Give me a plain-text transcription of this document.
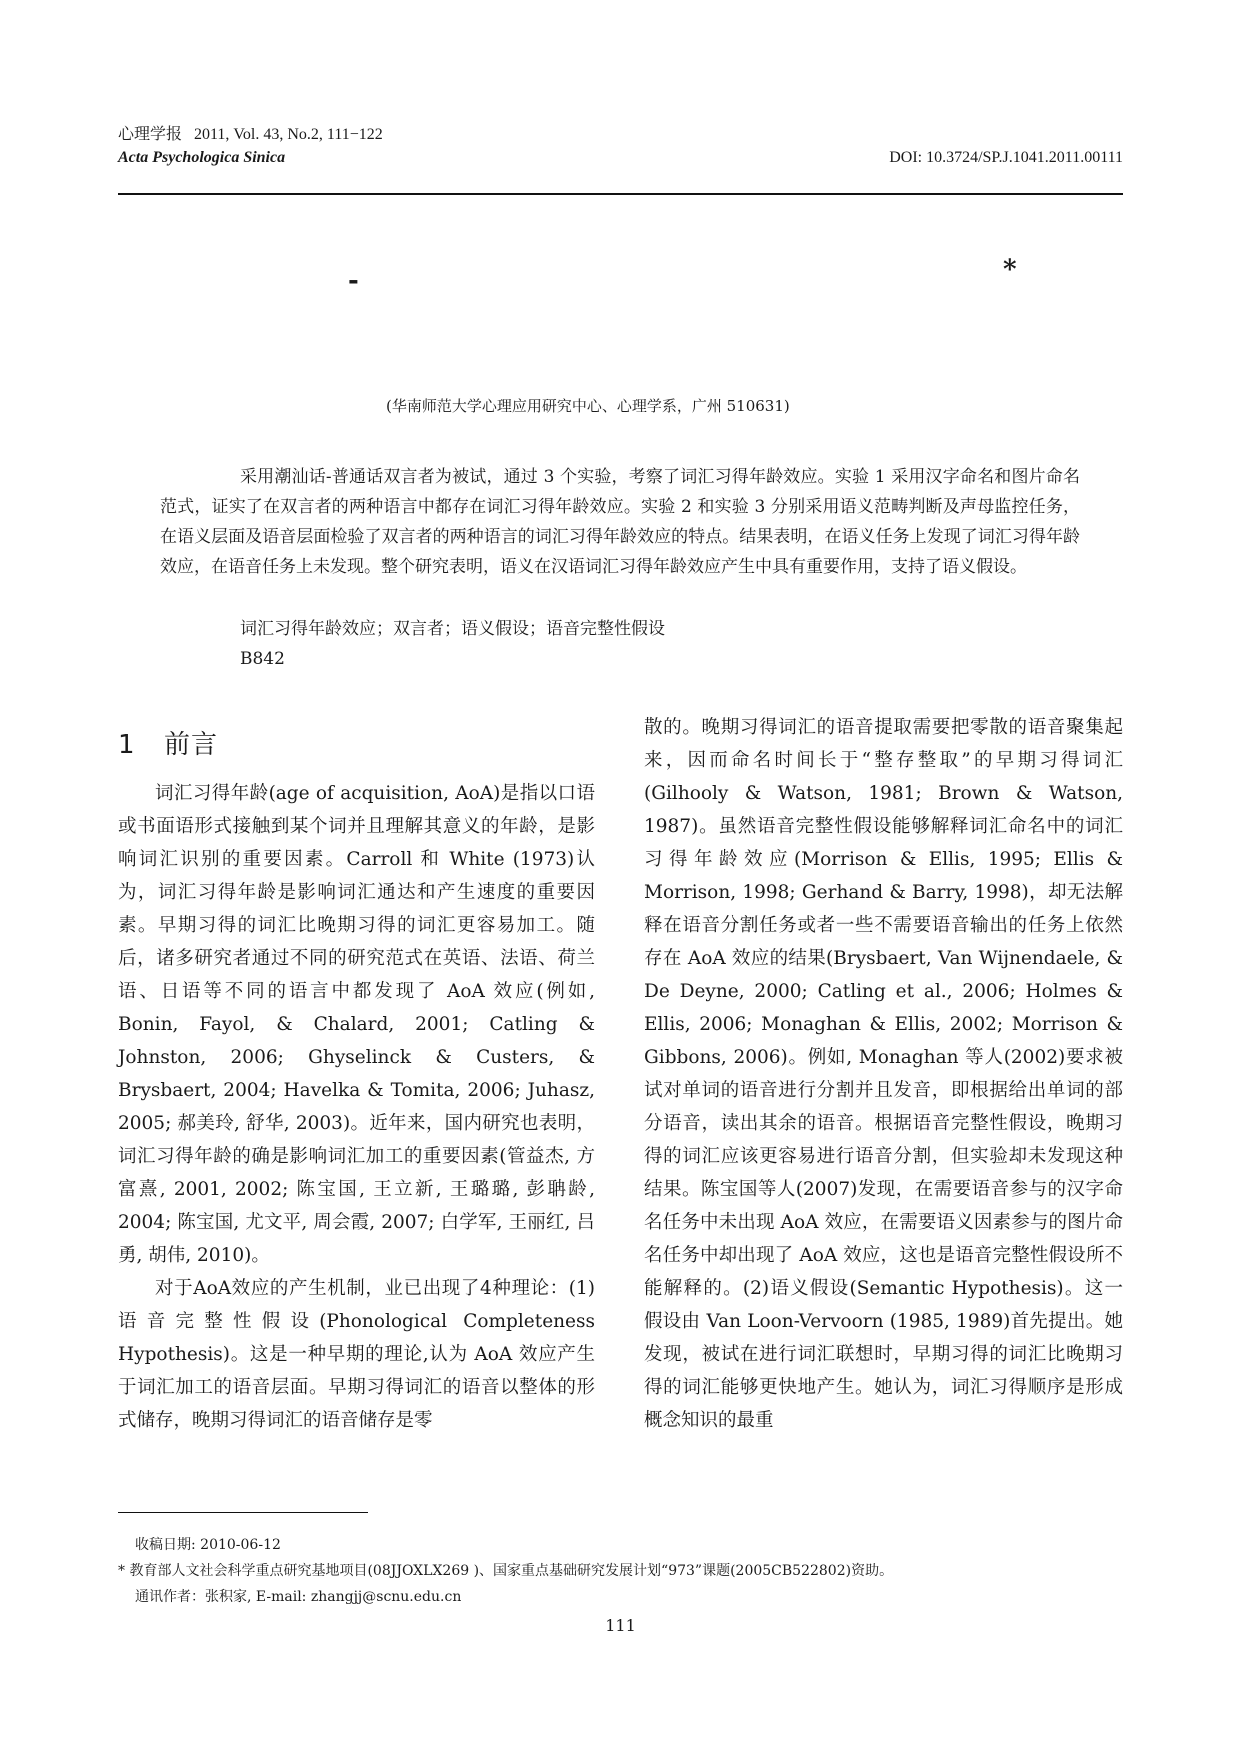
心理学报 2011, Vol. 43, No.2, 111−122
Acta Psychologica Sinica	DOI: 10.3724/SP.J.1041.2011.00111
-	*
(华南师范大学心理应用研究中心、心理学系，广州 510631)

采用潮汕话-普通话双言者为被试，通过 3 个实验，考察了词汇习得年龄效应。实验 1 采用汉字命名和图片命名范式，证实了在双言者的两种语言中都存在词汇习得年龄效应。实验 2 和实验 3 分别采用语义范畴判断及声母监控任务，在语义层面及语音层面检验了双言者的两种语言的词汇习得年龄效应的特点。结果表明，在语义任务上发现了词汇习得年龄效应，在语音任务上未发现。整个研究表明，语义在汉语词汇习得年龄效应产生中具有重要作用，支持了语义假设。

词汇习得年龄效应；双言者；语义假设；语音完整性假设
B842
1 前言

词汇习得年龄(age of acquisition, AoA)是指以口语或书面语形式接触到某个词并且理解其意义的年龄，是影响词汇识别的重要因素。Carroll 和 White (1973)认为，词汇习得年龄是影响词汇通达和产生速度的重要因素。早期习得的词汇比晚期习得的词汇更容易加工。随后，诸多研究者通过不同的研究范式在英语、法语、荷兰语、日语等不同的语言中都发现了 AoA 效应(例如, Bonin, Fayol, & Chalard, 2001; Catling & Johnston, 2006; Ghyselinck & Custers, & Brysbaert, 2004; Havelka & Tomita, 2006; Juhasz, 2005; 郝美玲, 舒华, 2003)。近年来，国内研究也表明，词汇习得年龄的确是影响词汇加工的重要因素(管益杰, 方富熹, 2001, 2002; 陈宝国, 王立新, 王璐璐, 彭聃龄, 2004; 陈宝国, 尤文平, 周会霞, 2007; 白学军, 王丽红, 吕勇, 胡伟, 2010)。

对于AoA效应的产生机制，业已出现了4种理论：(1)语音完整性假设(Phonological Completeness Hypothesis)。这是一种早期的理论,认为 AoA 效应产生于词汇加工的语音层面。早期习得词汇的语音以整体的形式储存，晚期习得词汇的语音储存是零

散的。晚期习得词汇的语音提取需要把零散的语音聚集起来，因而命名时间长于“整存整取”的早期习得词汇(Gilhooly & Watson, 1981; Brown & Watson, 1987)。虽然语音完整性假设能够解释词汇命名中的词汇习得年龄效应(Morrison & Ellis, 1995; Ellis & Morrison, 1998; Gerhand & Barry, 1998)，却无法解释在语音分割任务或者一些不需要语音输出的任务上依然存在 AoA 效应的结果(Brysbaert, Van Wijnendaele, & De Deyne, 2000; Catling et al., 2006; Holmes & Ellis, 2006; Monaghan & Ellis, 2002; Morrison & Gibbons, 2006)。例如, Monaghan 等人(2002)要求被试对单词的语音进行分割并且发音，即根据给出单词的部分语音，读出其余的语音。根据语音完整性假设，晚期习得的词汇应该更容易进行语音分割，但实验却未发现这种结果。陈宝国等人(2007)发现，在需要语音参与的汉字命名任务中未出现 AoA 效应，在需要语义因素参与的图片命名任务中却出现了 AoA 效应，这也是语音完整性假设所不能解释的。(2)语义假设(Semantic Hypothesis)。这一假设由 Van Loon-Vervoorn (1985, 1989)首先提出。她发现，被试在进行词汇联想时，早期习得的词汇比晚期习得的词汇能够更快地产生。她认为，词汇习得顺序是形成概念知识的最重

收稿日期: 2010-06-12
* 教育部人文社会科学重点研究基地项目(08JJOXLX269 )、国家重点基础研究发展计划“973”课题(2005CB522802)资助。
通讯作者：张积家, E-mail: zhangjj@scnu.edu.cn
111
